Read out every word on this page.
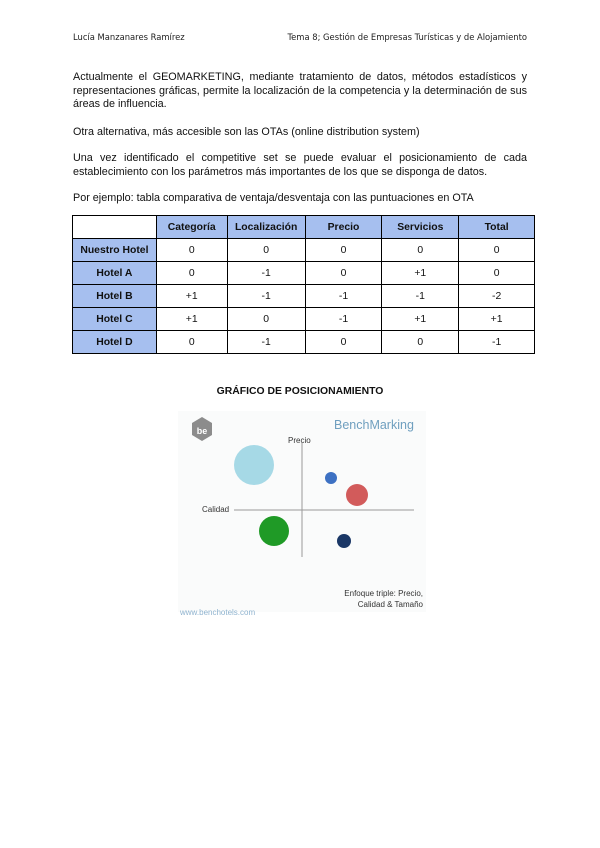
Lucía Manzanares Ramírez	Tema 8; Gestión de Empresas Turísticas y de Alojamiento

Actualmente el GEOMARKETING, mediante tratamiento de datos, métodos estadísticos y representaciones gráficas, permite la localización de la competencia y la determinación de sus áreas de influencia.

Otra alternativa, más accesible son las OTAs (online distribution system)

Una vez identificado el competitive set se puede evaluar el posicionamiento de cada establecimiento con los parámetros más importantes de los que se disponga de datos.

Por ejemplo: tabla comparativa de ventaja/desventaja con las puntuaciones en OTA

	Categoría	Localización	Precio	Servicios	Total
Nuestro Hotel	0	0	0	0	0
Hotel A	0	-1	0	+1	0
Hotel B	+1	-1	-1	-1	-2
Hotel C	+1	0	-1	+1	+1
Hotel D	0	-1	0	0	-1
GRÁFICO DE POSICIONAMIENTO
be	BenchMarking
Precio
Calidad
Enfoque triple: Precio,
Calidad & Tamaño
www.benchotels.com
